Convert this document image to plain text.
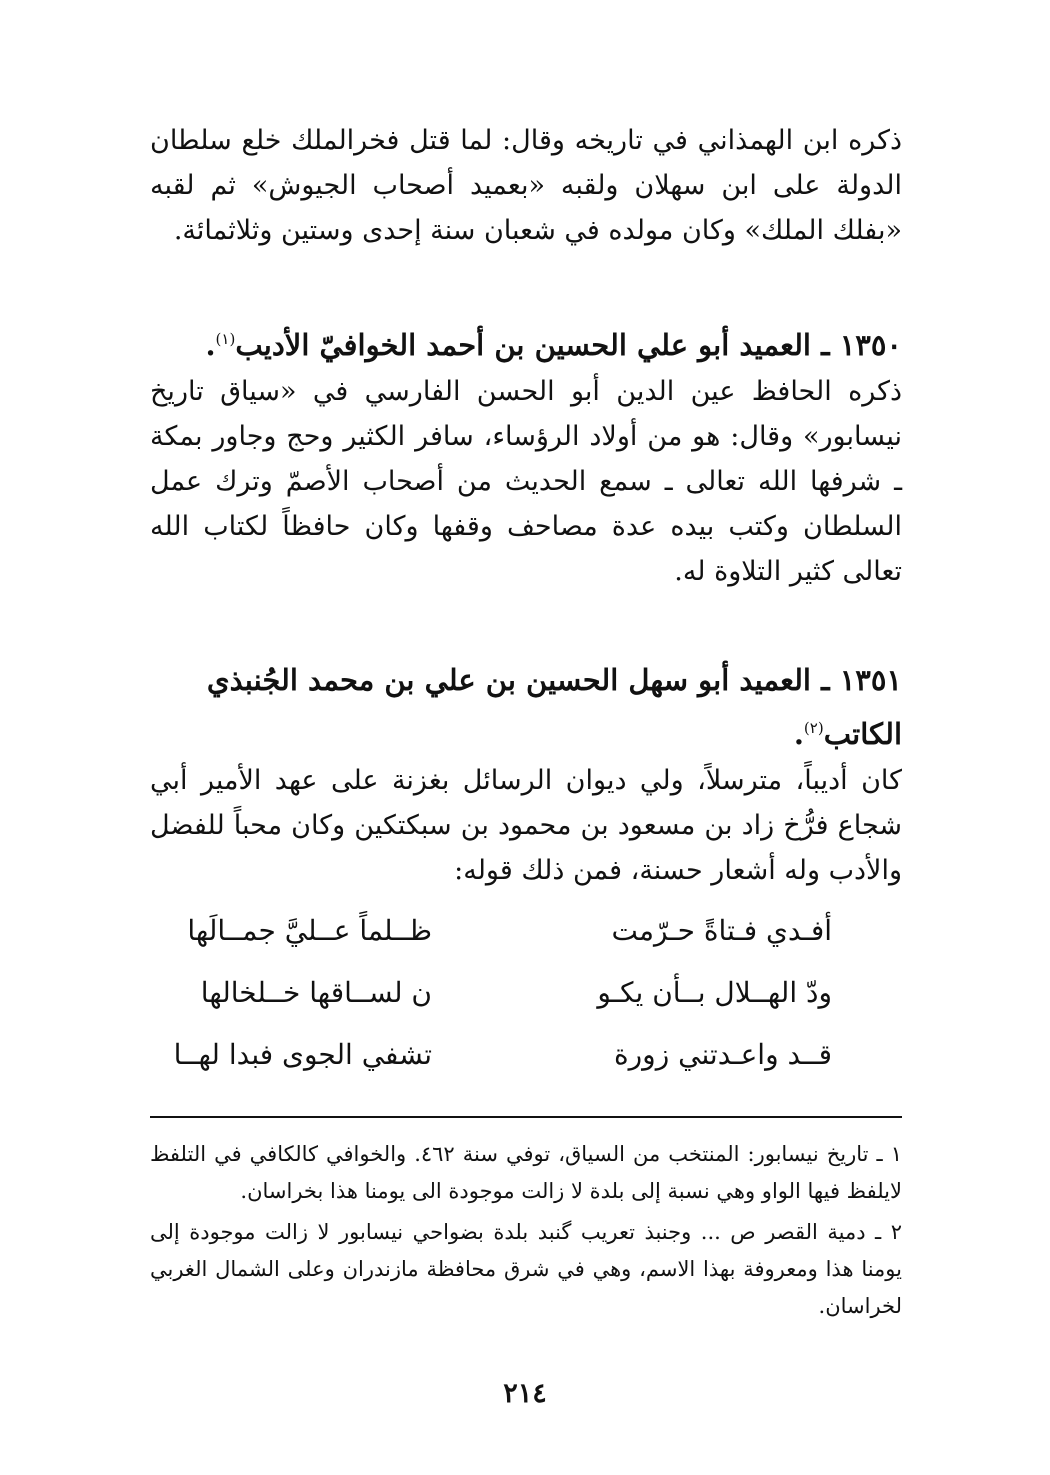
ذكره ابن الهمذاني في تاريخه وقال: لما قتل فخرالملك خلع سلطان الدولة على ابن سهلان ولقبه «بعميد أصحاب الجيوش» ثم لقبه «بفلك الملك» وكان مولده في شعبان سنة إحدى وستين وثلاثمائة.

١٣٥٠ ـ العميد أبو علي الحسين بن أحمد الخوافيّ الأديب$^{(١)}$.

ذكره الحافظ عين الدين أبو الحسن الفارسي في «سياق تاريخ نيسابور» وقال: هو من أولاد الرؤساء، سافر الكثير وحج وجاور بمكة ـ شرفها الله تعالى ـ سمع الحديث من أصحاب الأصمّ وترك عمل السلطان وكتب بيده عدة مصاحف وقفها وكان حافظاً لكتاب الله تعالى كثير التلاوة له.

١٣٥١ ـ العميد أبو سهل الحسين بن علي بن محمد الجُنبذي الكاتب$^{(٢)}$.

كان أديباً، مترسلاً، ولي ديوان الرسائل بغزنة على عهد الأمير أبي شجاع فرُّخ زاد بن مسعود بن محمود بن سبكتكين وكان محباً للفضل والأدب وله أشعار حسنة، فمن ذلك قوله:

أفـدي فـتاةً حـرّمت
ظــلماً عــليَّ جمــالَها
ودّ الهــلال بــأن يكـو
ن لســاقها خــلخالها
قــد واعـدتني زورة
تشفي الجوى فبدا لهــا

١ ـ تاريخ نيسابور: المنتخب من السياق، توفي سنة ٤٦٢. والخوافي كالكافي في التلفظ لايلفظ فيها الواو وهي نسبة إلى بلدة لا زالت موجودة الى يومنا هذا بخراسان.

٢ ـ دمية القصر ص ... وجنبذ تعريب گنبد بلدة بضواحي نيسابور لا زالت موجودة إلى يومنا هذا ومعروفة بهذا الاسم، وهي في شرق محافظة مازندران وعلى الشمال الغربي لخراسان.

٢١٤
